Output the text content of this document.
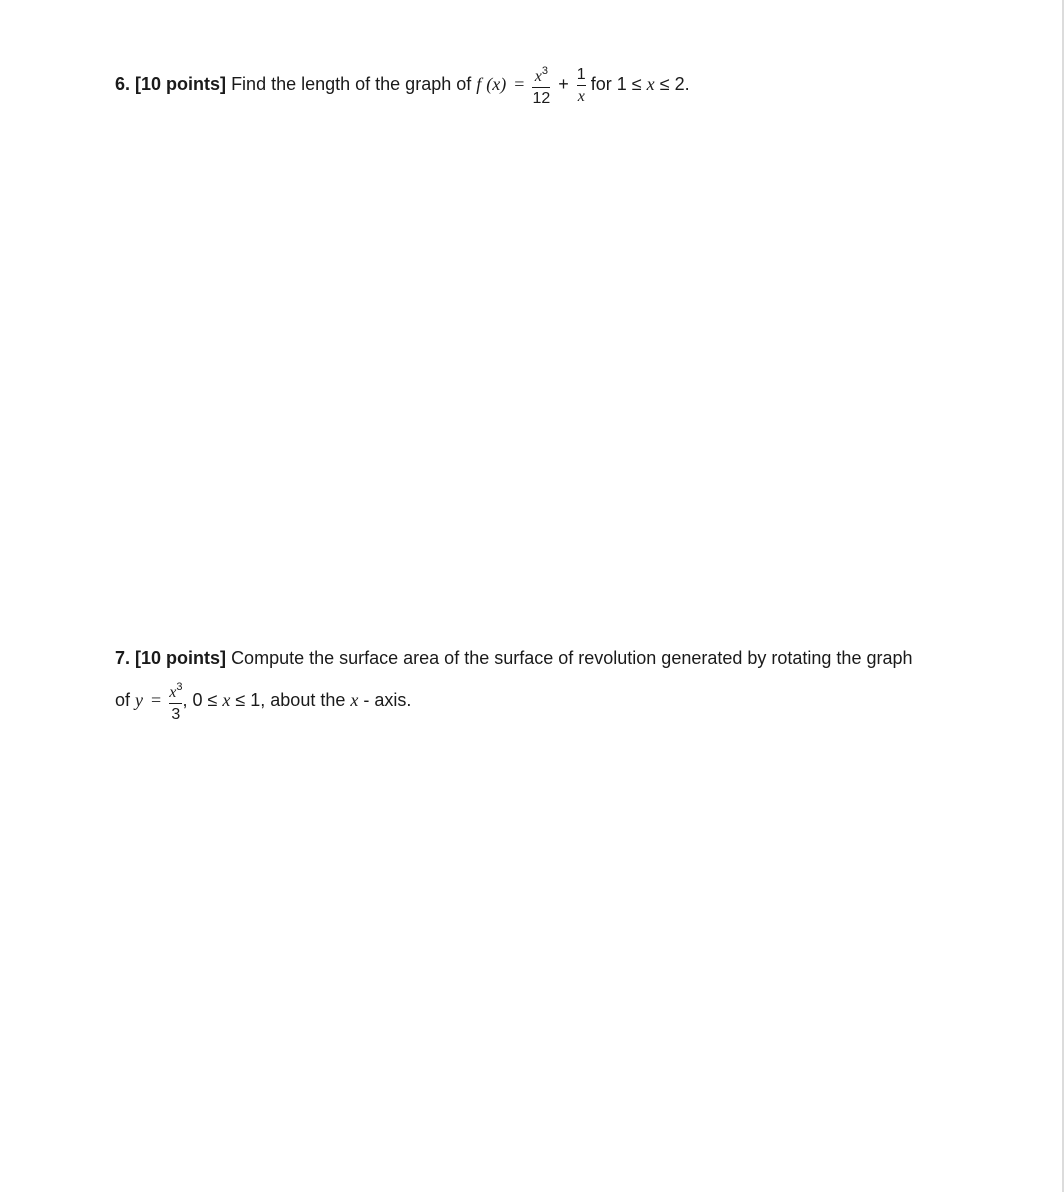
6. [10 points] Find the length of the graph of f $(x) = \frac{x^3}{12} + \frac{1}{x}$ for 1 ≤ x ≤ 2.
7. [10 points] Compute the surface area of the surface of revolution generated by rotating the graph
of $y = \frac{x^3}{3}$ , 0 ≤ x ≤ 1, about the x - axis.
